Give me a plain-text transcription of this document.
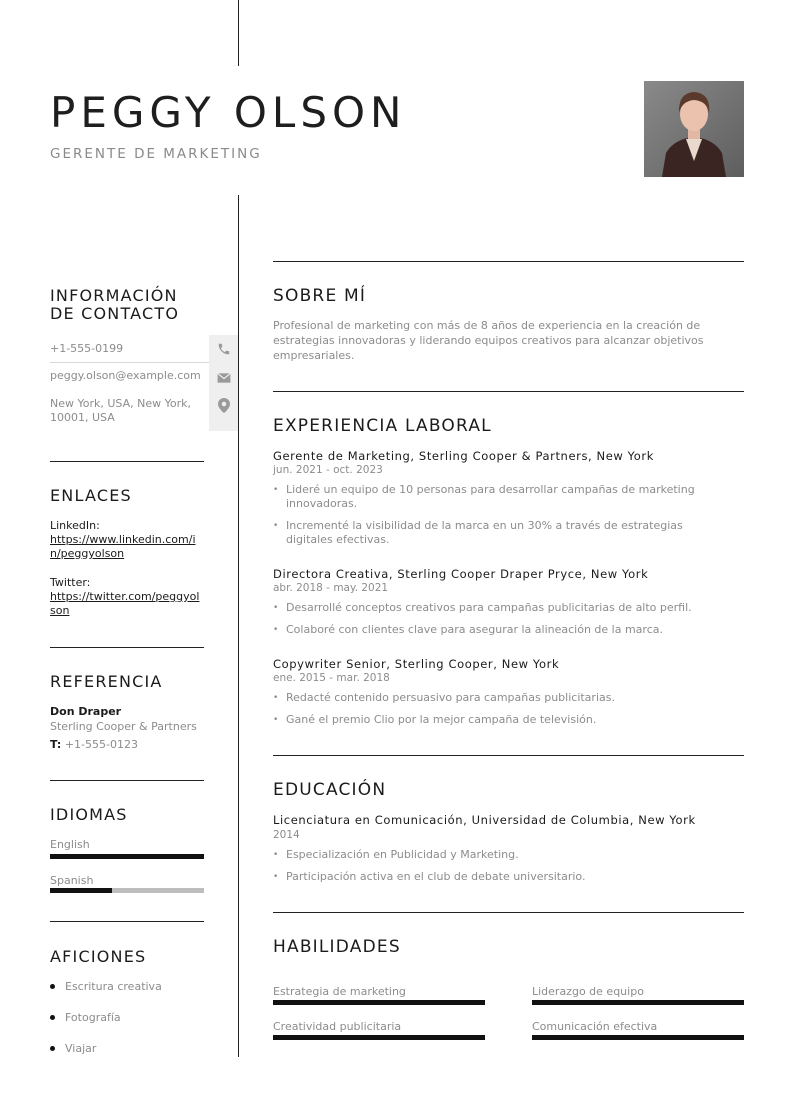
PEGGY OLSON
GERENTE DE MARKETING
INFORMACIÓN
DE CONTACTO
+1-555-0199
peggy.olson@example.com
New York, USA, New York, 10001, USA
ENLACES
LinkedIn:
https://www.linkedin.com/in/peggyolson
Twitter:
https://twitter.com/peggyolson
REFERENCIA
Don Draper
Sterling Cooper & Partners
T: +1-555-0123
IDIOMAS
English
Spanish
AFICIONES
Escritura creativa
Fotografía
Viajar
SOBRE MÍ
Profesional de marketing con más de 8 años de experiencia en la creación de estrategias innovadoras y liderando equipos creativos para alcanzar objetivos empresariales.
EXPERIENCIA LABORAL
Gerente de Marketing, Sterling Cooper & Partners, New York
jun. 2021 - oct. 2023
• Lideré un equipo de 10 personas para desarrollar campañas de marketing innovadoras.
• Incrementé la visibilidad de la marca en un 30% a través de estrategias digitales efectivas.
Directora Creativa, Sterling Cooper Draper Pryce, New York
abr. 2018 - may. 2021
• Desarrollé conceptos creativos para campañas publicitarias de alto perfil.
• Colaboré con clientes clave para asegurar la alineación de la marca.
Copywriter Senior, Sterling Cooper, New York
ene. 2015 - mar. 2018
• Redacté contenido persuasivo para campañas publicitarias.
• Gané el premio Clio por la mejor campaña de televisión.
EDUCACIÓN
Licenciatura en Comunicación, Universidad de Columbia, New York
2014
• Especialización en Publicidad y Marketing.
• Participación activa en el club de debate universitario.
HABILIDADES
Estrategia de marketing	Liderazgo de equipo
Creatividad publicitaria	Comunicación efectiva
